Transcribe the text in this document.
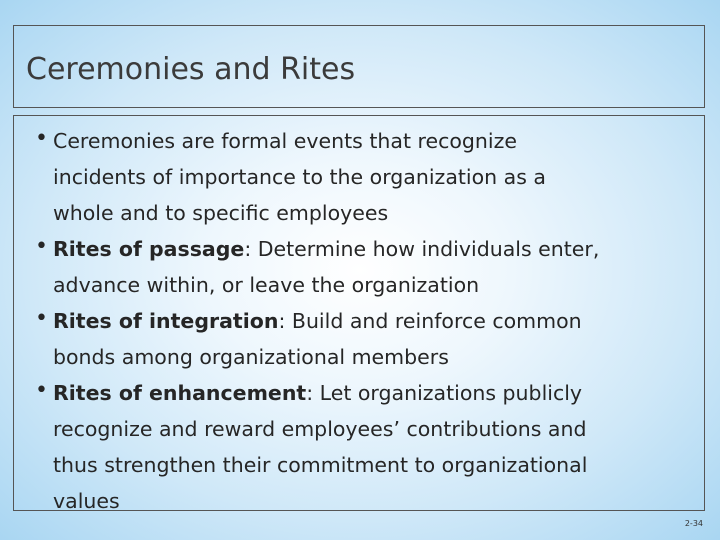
Ceremonies and Rites
• Ceremonies are formal events that recognize
incidents of importance to the organization as a
whole and to specific employees
• Rites of passage: Determine how individuals enter,
advance within, or leave the organization
• Rites of integration: Build and reinforce common
bonds among organizational members
• Rites of enhancement: Let organizations publicly
recognize and reward employees’ contributions and
thus strengthen their commitment to organizational
values
2-34
